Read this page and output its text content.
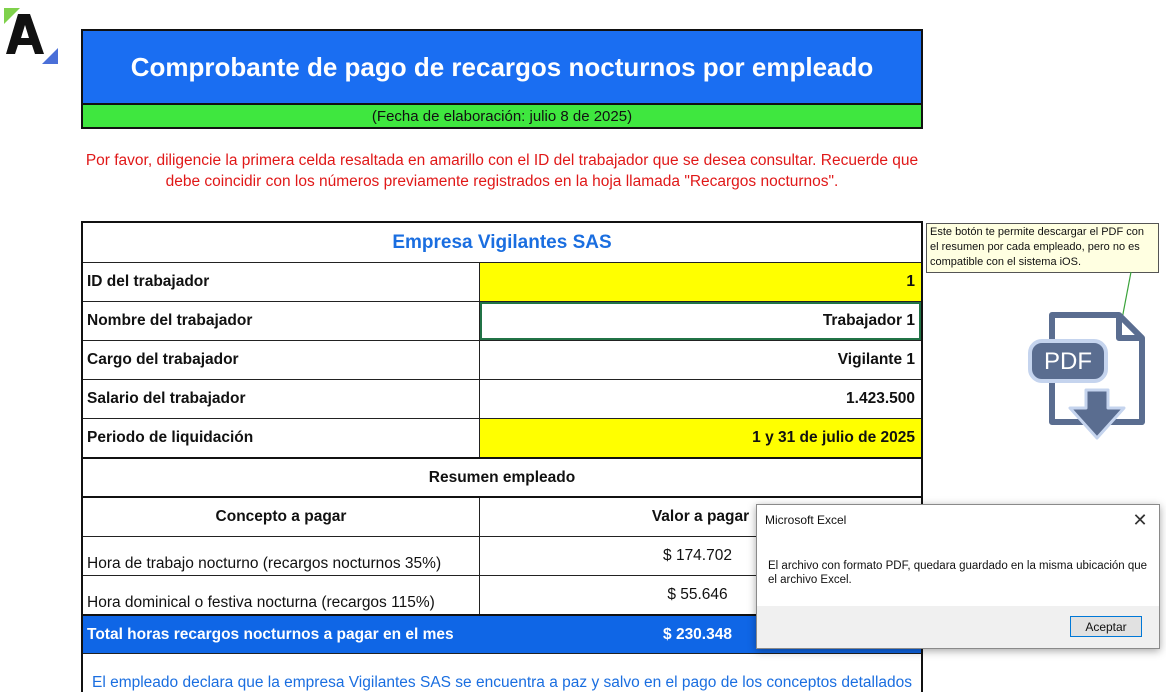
Comprobante de pago de recargos nocturnos por empleado
(Fecha de elaboración: julio 8 de 2025)
Por favor, diligencie la primera celda resaltada en amarillo con el ID del trabajador que se desea consultar. Recuerde que debe coincidir con los números previamente registrados en la hoja llamada "Recargos nocturnos".
Empresa Vigilantes SAS
ID del trabajador	1
Nombre del trabajador	Trabajador 1
Cargo del trabajador	Vigilante 1
Salario del trabajador	1.423.500
Periodo de liquidación	1 y 31 de julio de 2025
Resumen empleado
Concepto a pagar	Valor a pagar
Hora de trabajo nocturno (recargos nocturnos 35%)	$ 174.702
Hora dominical o festiva nocturna (recargos 115%)	$ 55.646
Total horas recargos nocturnos a pagar en el mes	$ 230.348
El empleado declara que la empresa Vigilantes SAS se encuentra a paz y salvo en el pago de los conceptos detallados
Este botón te permite descargar el PDF con el resumen por cada empleado, pero no es compatible con el sistema iOS.
PDF
Microsoft Excel	✕
El archivo con formato PDF, quedara guardado en la misma ubicación que el archivo Excel.
Aceptar
